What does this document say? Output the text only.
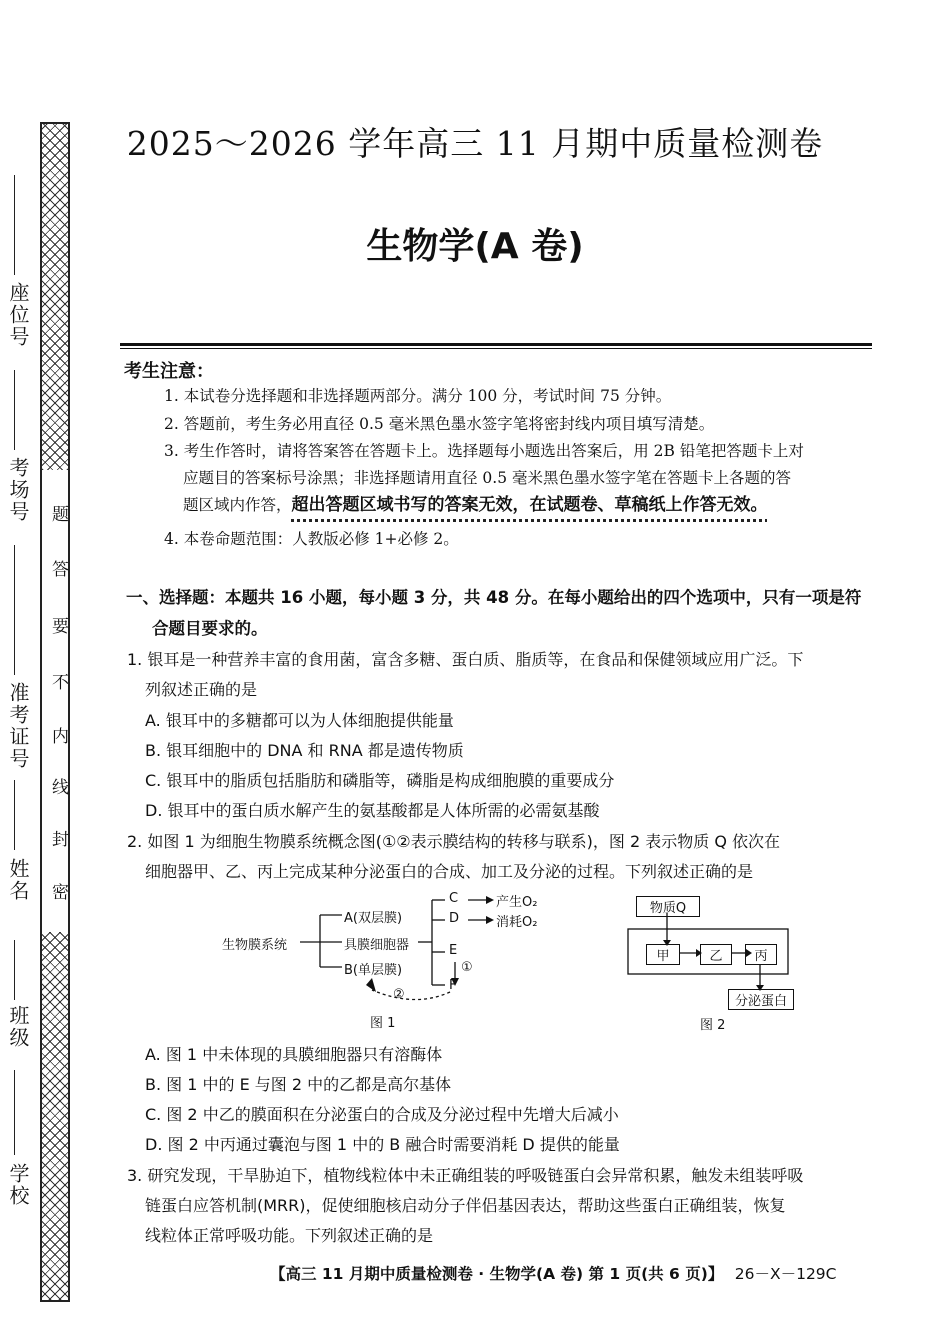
座位号
考场号
准考证号
姓名
班级
学校
题
答
要
不
内
线
封
密
2025～2026 学年高三 11 月期中质量检测卷
生物学(A 卷)
考生注意：
1. 本试卷分选择题和非选择题两部分。满分 100 分，考试时间 75 分钟。
2. 答题前，考生务必用直径 0.5 毫米黑色墨水签字笔将密封线内项目填写清楚。
3. 考生作答时，请将答案答在答题卡上。选择题每小题选出答案后，用 2B 铅笔把答题卡上对
应题目的答案标号涂黑；非选择题请用直径 0.5 毫米黑色墨水签字笔在答题卡上各题的答
题区域内作答，超出答题区域书写的答案无效，在试题卷、草稿纸上作答无效。
4. 本卷命题范围：人教版必修 1+必修 2。
一、选择题：本题共 16 小题，每小题 3 分，共 48 分。在每小题给出的四个选项中，只有一项是符
合题目要求的。
1. 银耳是一种营养丰富的食用菌，富含多糖、蛋白质、脂质等，在食品和保健领域应用广泛。下
列叙述正确的是
A. 银耳中的多糖都可以为人体细胞提供能量
B. 银耳细胞中的 DNA 和 RNA 都是遗传物质
C. 银耳中的脂质包括脂肪和磷脂等，磷脂是构成细胞膜的重要成分
D. 银耳中的蛋白质水解产生的氨基酸都是人体所需的必需氨基酸
2. 如图 1 为细胞生物膜系统概念图(①②表示膜结构的转移与联系)，图 2 表示物质 Q 依次在
细胞器甲、乙、丙上完成某种分泌蛋白的合成、加工及分泌的过程。下列叙述正确的是
生物膜系统
A(双层膜)
具膜细胞器
B(单层膜)
C
D
产生O₂
消耗O₂
E
F
①
②
图 1
物质Q
甲	乙	丙
分泌蛋白
图 2
A. 图 1 中未体现的具膜细胞器只有溶酶体
B. 图 1 中的 E 与图 2 中的乙都是高尔基体
C. 图 2 中乙的膜面积在分泌蛋白的合成及分泌过程中先增大后减小
D. 图 2 中丙通过囊泡与图 1 中的 B 融合时需要消耗 D 提供的能量
3. 研究发现，干旱胁迫下，植物线粒体中未正确组装的呼吸链蛋白会异常积累，触发未组装呼吸
链蛋白应答机制(MRR)，促使细胞核启动分子伴侣基因表达，帮助这些蛋白正确组装，恢复
线粒体正常呼吸功能。下列叙述正确的是
【高三 11 月期中质量检测卷 · 生物学(A 卷) 第 1 页(共 6 页)】 26－X－129C
